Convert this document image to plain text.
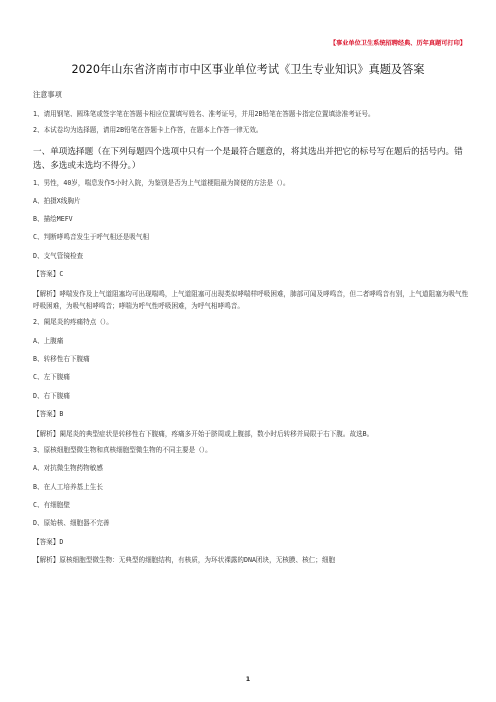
【事业单位卫生系统招聘经典、历年真题可打印】
2020年山东省济南市市中区事业单位考试《卫生专业知识》真题及答案
注意事项
1、请用钢笔、圆珠笔或签字笔在答题卡相应位置填写姓名、准考证号，并用2B铅笔在答题卡指定位置填涂准考证号。
2、本试卷均为选择题，请用2B铅笔在答题卡上作答，在题本上作答一律无效。
一、单项选择题（在下列每题四个选项中只有一个是最符合题意的，将其选出并把它的标号写在题后的括号内。错选、多选或未选均不得分。）
1、男性，40岁，喘息发作5小时入院，为鉴别是否为上气道梗阻最为简便的方法是（）。
A、拍摄X线胸片
B、描绘MEFV
C、判断哮鸣音发生于呼气相还是吸气相
D、支气管镜检查
【答案】C
【解析】哮喘发作及上气道阻塞均可出现喘鸣，上气道阻塞可出现类似哮喘样呼吸困难，肺部可闻及哮鸣音，但二者哮鸣音有别，上气道阻塞为吸气性呼吸困难，为吸气相哮鸣音；哮喘为呼气性呼吸困难，为呼气相哮鸣音。
2、阑尾炎的疼痛特点（）。
A、上腹痛
B、转移性右下腹痛
C、左下腹痛
D、右下腹痛
【答案】B
【解析】阑尾炎的典型症状是转移性右下腹痛，疼痛多开始于脐周或上腹部，数小时后转移并局限于右下腹。故选B。
3、原核细胞型微生物和真核细胞型微生物的不同主要是（）。
A、对抗微生物药物敏感
B、在人工培养基上生长
C、有细胞壁
D、原始核、细胞器不完善
【答案】D
【解析】原核细胞型微生物：无典型的细胞结构，有核质，为环状裸露的DNA团块，无核膜、核仁；细胞
1
